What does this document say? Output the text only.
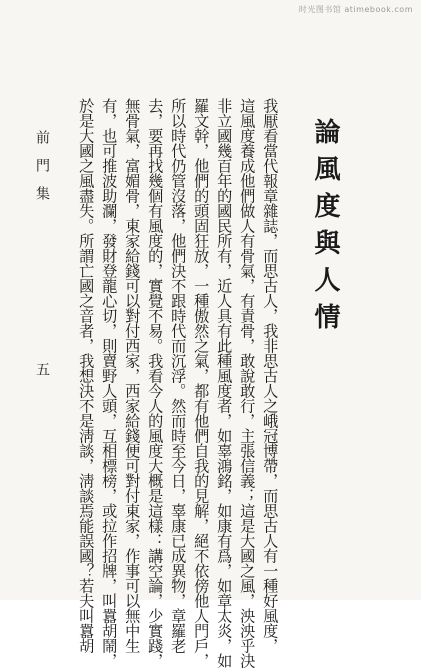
时光图书馆 atimebook.com
論風度與人情
我厭看當代報章雜誌，而思古人，我非思古人之峨冠博帶，而思古人有一種好風度，
這風度養成他們做人有骨氣，有責骨，敢說敢行，主張信義；這是大國之風，泱泱乎決
非立國幾百年的國民所有，近人具有此種風度者，如辜鴻銘，如康有爲，如章太炎，如
羅文幹，他們的頭固狂放，一種傲然之氣，都有他們自我的見解，絕不依傍他人門戶，
所以時代仍管沒落，他們決不跟時代而沉浮。然而時至今日，辜康已成異物，章羅老
去，要再找幾個有風度的，實覺不易。我看今人的風度大概是這樣：講空論，少實踐，
無骨氣，富媚骨，東家給錢可以對付西家，西家給錢便可對付東家，作事可以無中生
有，也可推波助瀾，發財登龍心切，則賣野人頭，互相標榜，或拉作招牌，叫囂胡鬧，
於是大國之風盡失。所謂亡國之音者，我想決不是淸談，淸談焉能誤國？若夫叫囂胡
前門集
五
